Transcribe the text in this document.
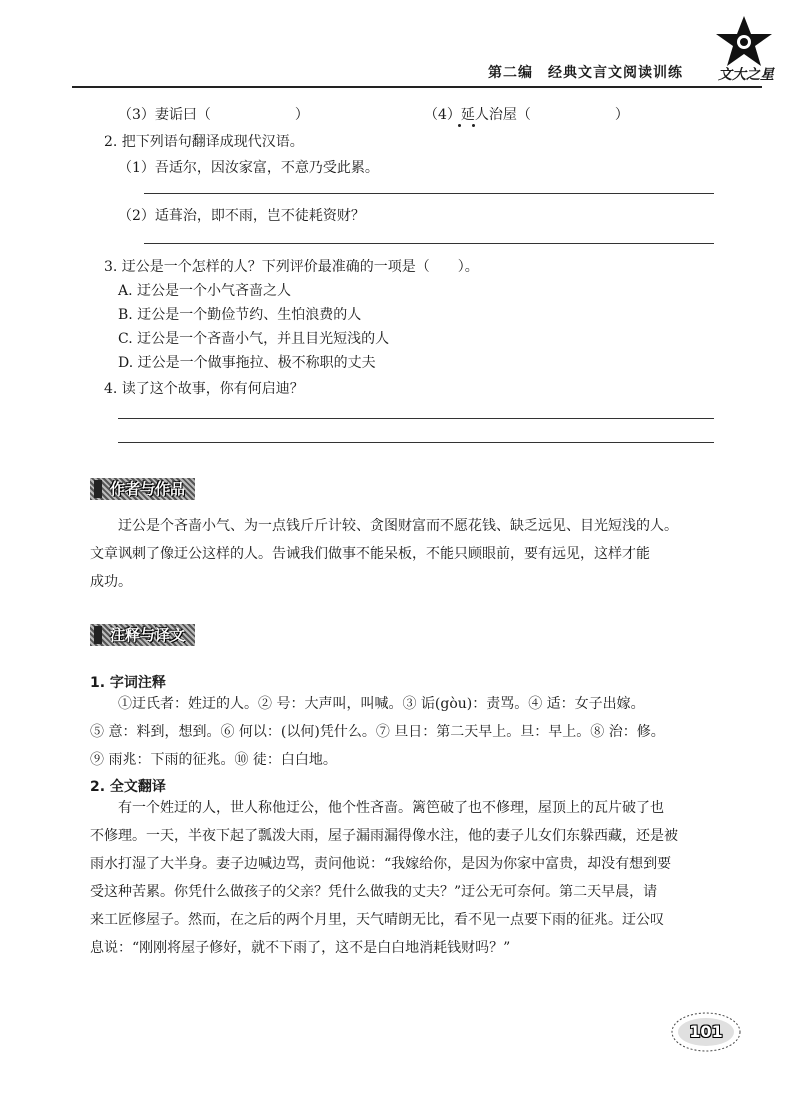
第二编　经典文言文阅读训练	文大之星
（3）妻诟曰（　　　　　　）	（4）延人治屋（　　　　　　）
2. 把下列语句翻译成现代汉语。
（1）吾适尔，因汝家富，不意乃受此累。
（2）适葺治，即不雨，岂不徒耗资财？
3. 迂公是一个怎样的人？下列评价最准确的一项是（　　）。
A. 迂公是一个小气吝啬之人
B. 迂公是一个勤俭节约、生怕浪费的人
C. 迂公是一个吝啬小气，并且目光短浅的人
D. 迂公是一个做事拖拉、极不称职的丈夫
4. 读了这个故事，你有何启迪？
作者与作品
迂公是个吝啬小气、为一点钱斤斤计较、贪图财富而不愿花钱、缺乏远见、目光短浅的人。
文章讽刺了像迂公这样的人。告诫我们做事不能呆板，不能只顾眼前，要有远见，这样才能
成功。
注释与译文
1. 字词注释
①迂氏者：姓迂的人。② 号：大声叫，叫喊。③ 诟(gòu)：责骂。④ 适：女子出嫁。
⑤ 意：料到，想到。⑥ 何以：(以何)凭什么。⑦ 旦日：第二天早上。旦：早上。⑧ 治：修。
⑨ 雨兆：下雨的征兆。⑩ 徒：白白地。
2. 全文翻译
有一个姓迂的人，世人称他迂公，他个性吝啬。篱笆破了也不修理，屋顶上的瓦片破了也
不修理。一天，半夜下起了瓢泼大雨，屋子漏雨漏得像水注，他的妻子儿女们东躲西藏，还是被
雨水打湿了大半身。妻子边喊边骂，责问他说：“我嫁给你，是因为你家中富贵，却没有想到要
受这种苦累。你凭什么做孩子的父亲？凭什么做我的丈夫？”迂公无可奈何。第二天早晨，请
来工匠修屋子。然而，在之后的两个月里，天气晴朗无比，看不见一点要下雨的征兆。迂公叹
息说：“刚刚将屋子修好，就不下雨了，这不是白白地消耗钱财吗？”
101
